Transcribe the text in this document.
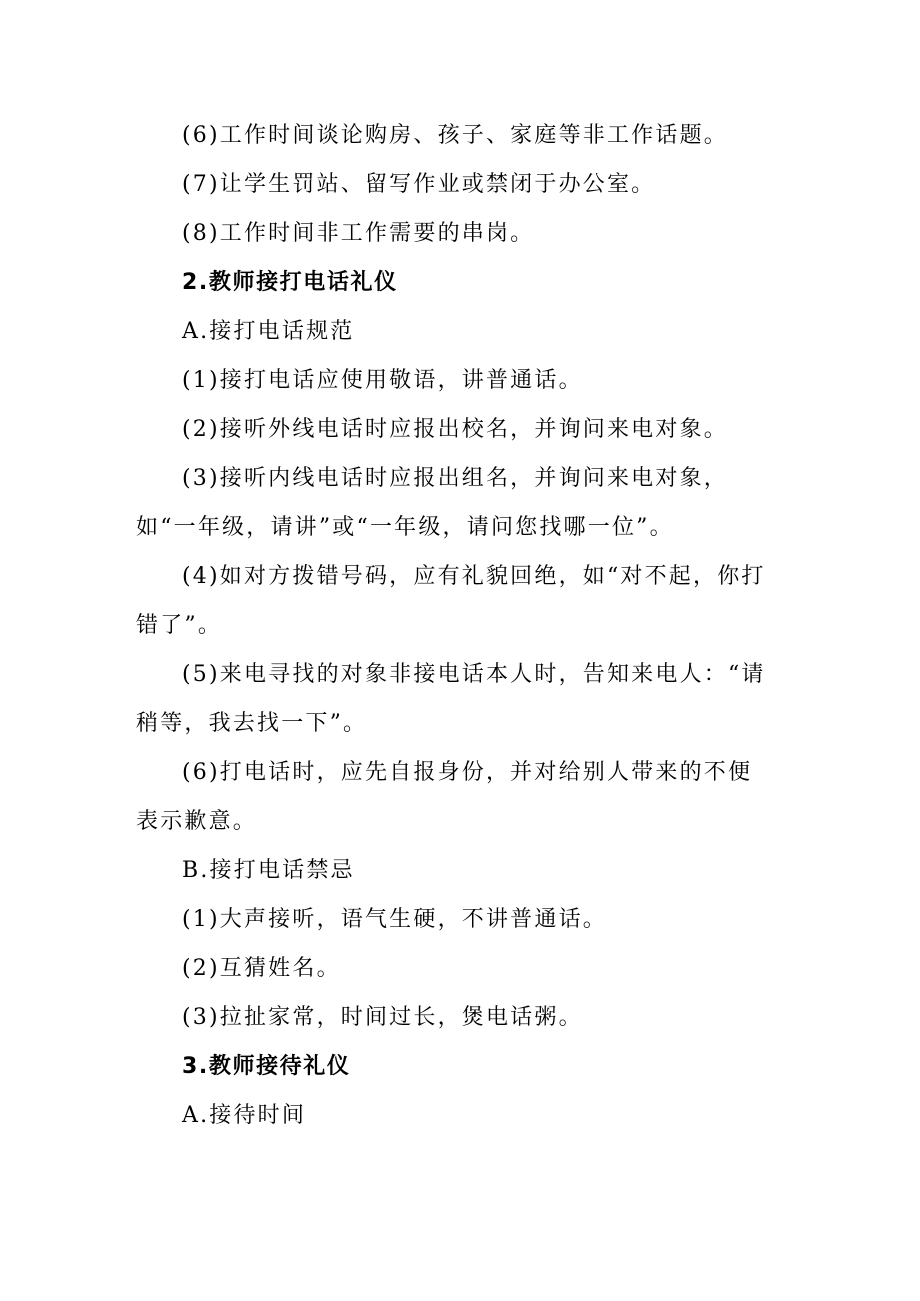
(6)工作时间谈论购房、孩子、家庭等非工作话题。

(7)让学生罚站、留写作业或禁闭于办公室。

(8)工作时间非工作需要的串岗。

2.教师接打电话礼仪

A.接打电话规范

(1)接打电话应使用敬语，讲普通话。

(2)接听外线电话时应报出校名，并询问来电对象。

(3)接听内线电话时应报出组名，并询问来电对象，如“一年级，请讲”或“一年级，请问您找哪一位”。

(4)如对方拨错号码，应有礼貌回绝，如“对不起，你打错了”。

(5)来电寻找的对象非接电话本人时，告知来电人：“请稍等，我去找一下”。

(6)打电话时，应先自报身份，并对给别人带来的不便表示歉意。

B.接打电话禁忌

(1)大声接听，语气生硬，不讲普通话。

(2)互猜姓名。

(3)拉扯家常，时间过长，煲电话粥。

3.教师接待礼仪

A.接待时间
